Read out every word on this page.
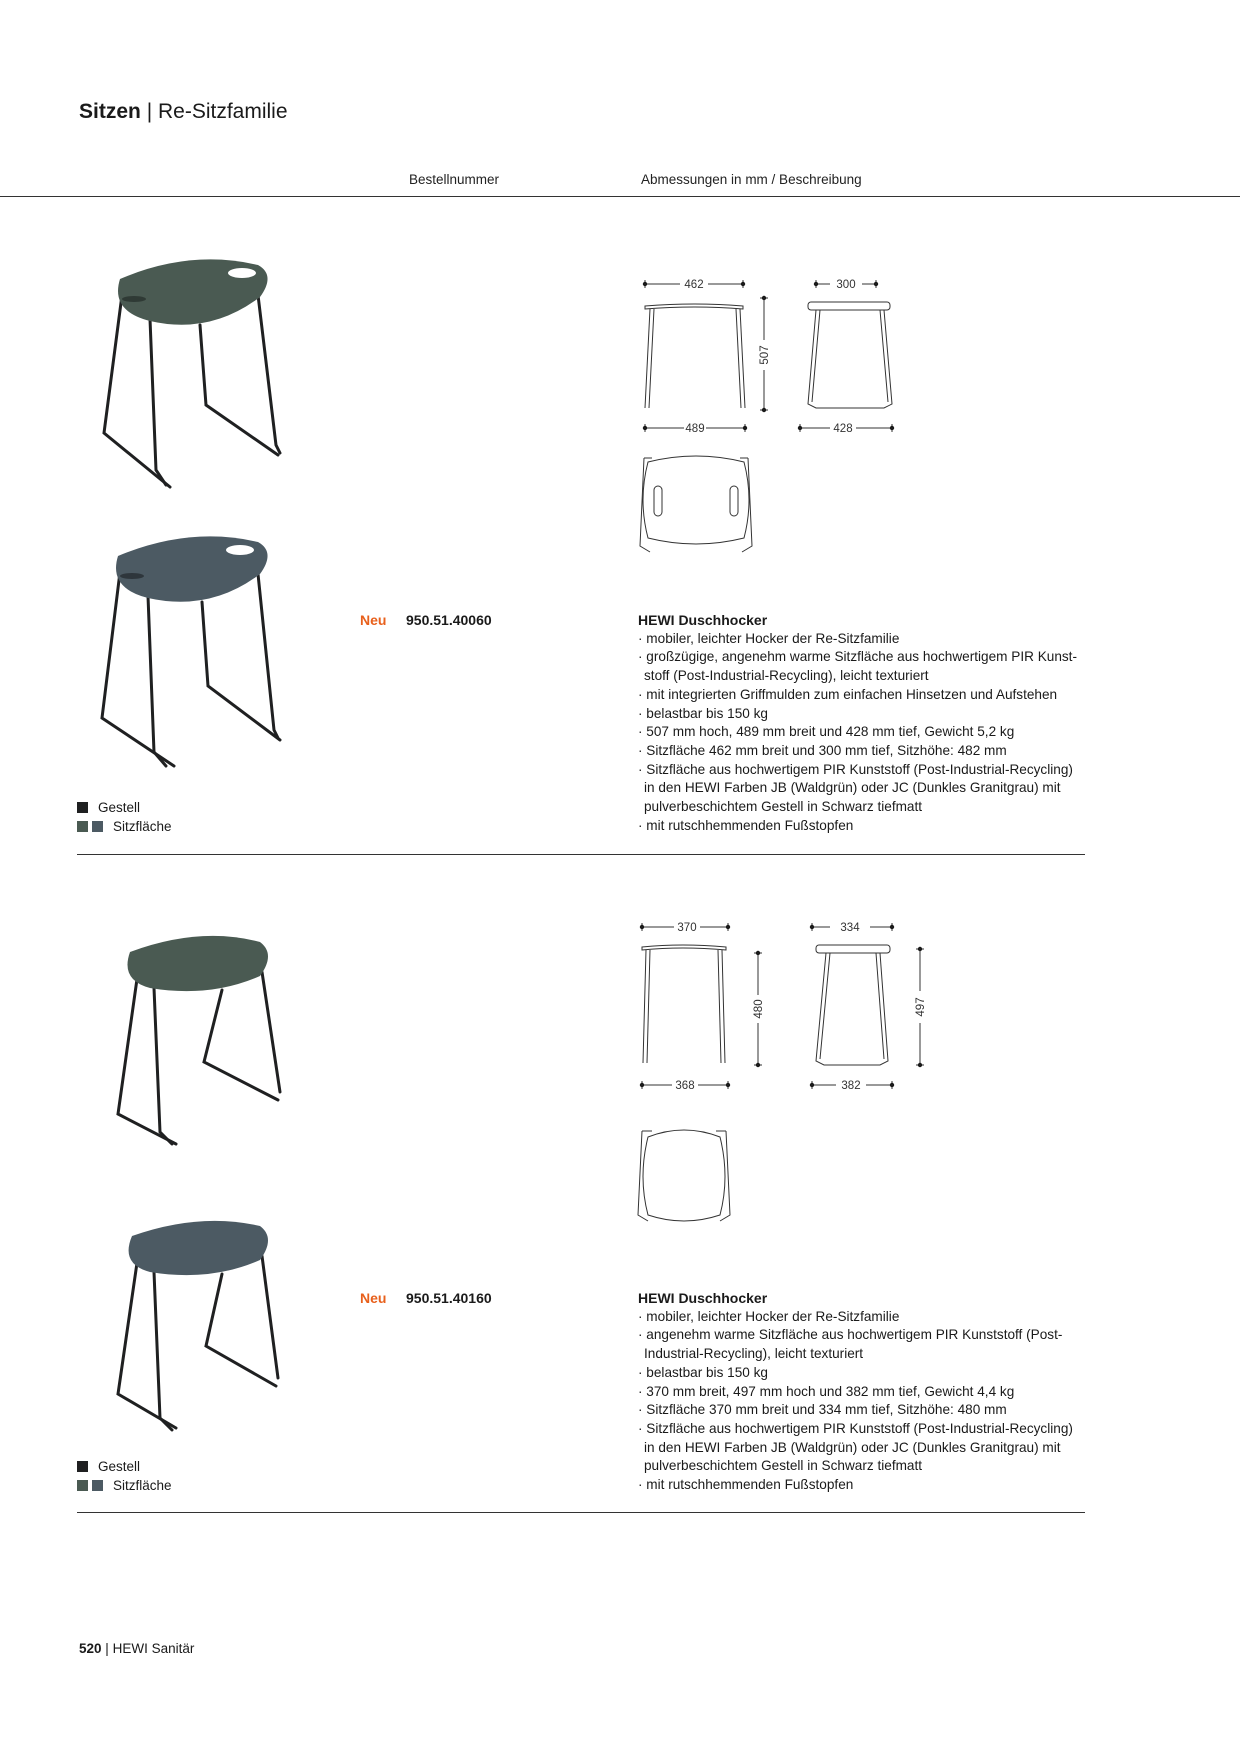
Sitzen | Re-Sitzfamilie
Bestellnummer	Abmessungen in mm / Beschreibung
462
507
489
300
428
Neu 950.51.40060	HEWI Duschhocker
· mobiler, leichter Hocker der Re-Sitzfamilie
· großzügige, angenehm warme Sitzfläche aus hochwertigem PIR Kunst-
stoff (Post-Industrial-Recycling), leicht texturiert
· mit integrierten Griffmulden zum einfachen Hinsetzen und Aufstehen
· belastbar bis 150 kg
· 507 mm hoch, 489 mm breit und 428 mm tief, Gewicht 5,2 kg
· Sitzfläche 462 mm breit und 300 mm tief, Sitzhöhe: 482 mm
· Sitzfläche aus hochwertigem PIR Kunststoff (Post-Industrial-Recycling)
in den HEWI Farben JB (Waldgrün) oder JC (Dunkles Granitgrau) mit
pulverbeschichtem Gestell in Schwarz tiefmatt
· mit rutschhemmenden Fußstopfen
Gestell
Sitzfläche
370
480
368
334
497
382
Neu 950.51.40160	HEWI Duschhocker
· mobiler, leichter Hocker der Re-Sitzfamilie
· angenehm warme Sitzfläche aus hochwertigem PIR Kunststoff (Post-
Industrial-Recycling), leicht texturiert
· belastbar bis 150 kg
· 370 mm breit, 497 mm hoch und 382 mm tief, Gewicht 4,4 kg
· Sitzfläche 370 mm breit und 334 mm tief, Sitzhöhe: 480 mm
· Sitzfläche aus hochwertigem PIR Kunststoff (Post-Industrial-Recycling)
in den HEWI Farben JB (Waldgrün) oder JC (Dunkles Granitgrau) mit
pulverbeschichtem Gestell in Schwarz tiefmatt
· mit rutschhemmenden Fußstopfen
Gestell
Sitzfläche
520 | HEWI Sanitär
